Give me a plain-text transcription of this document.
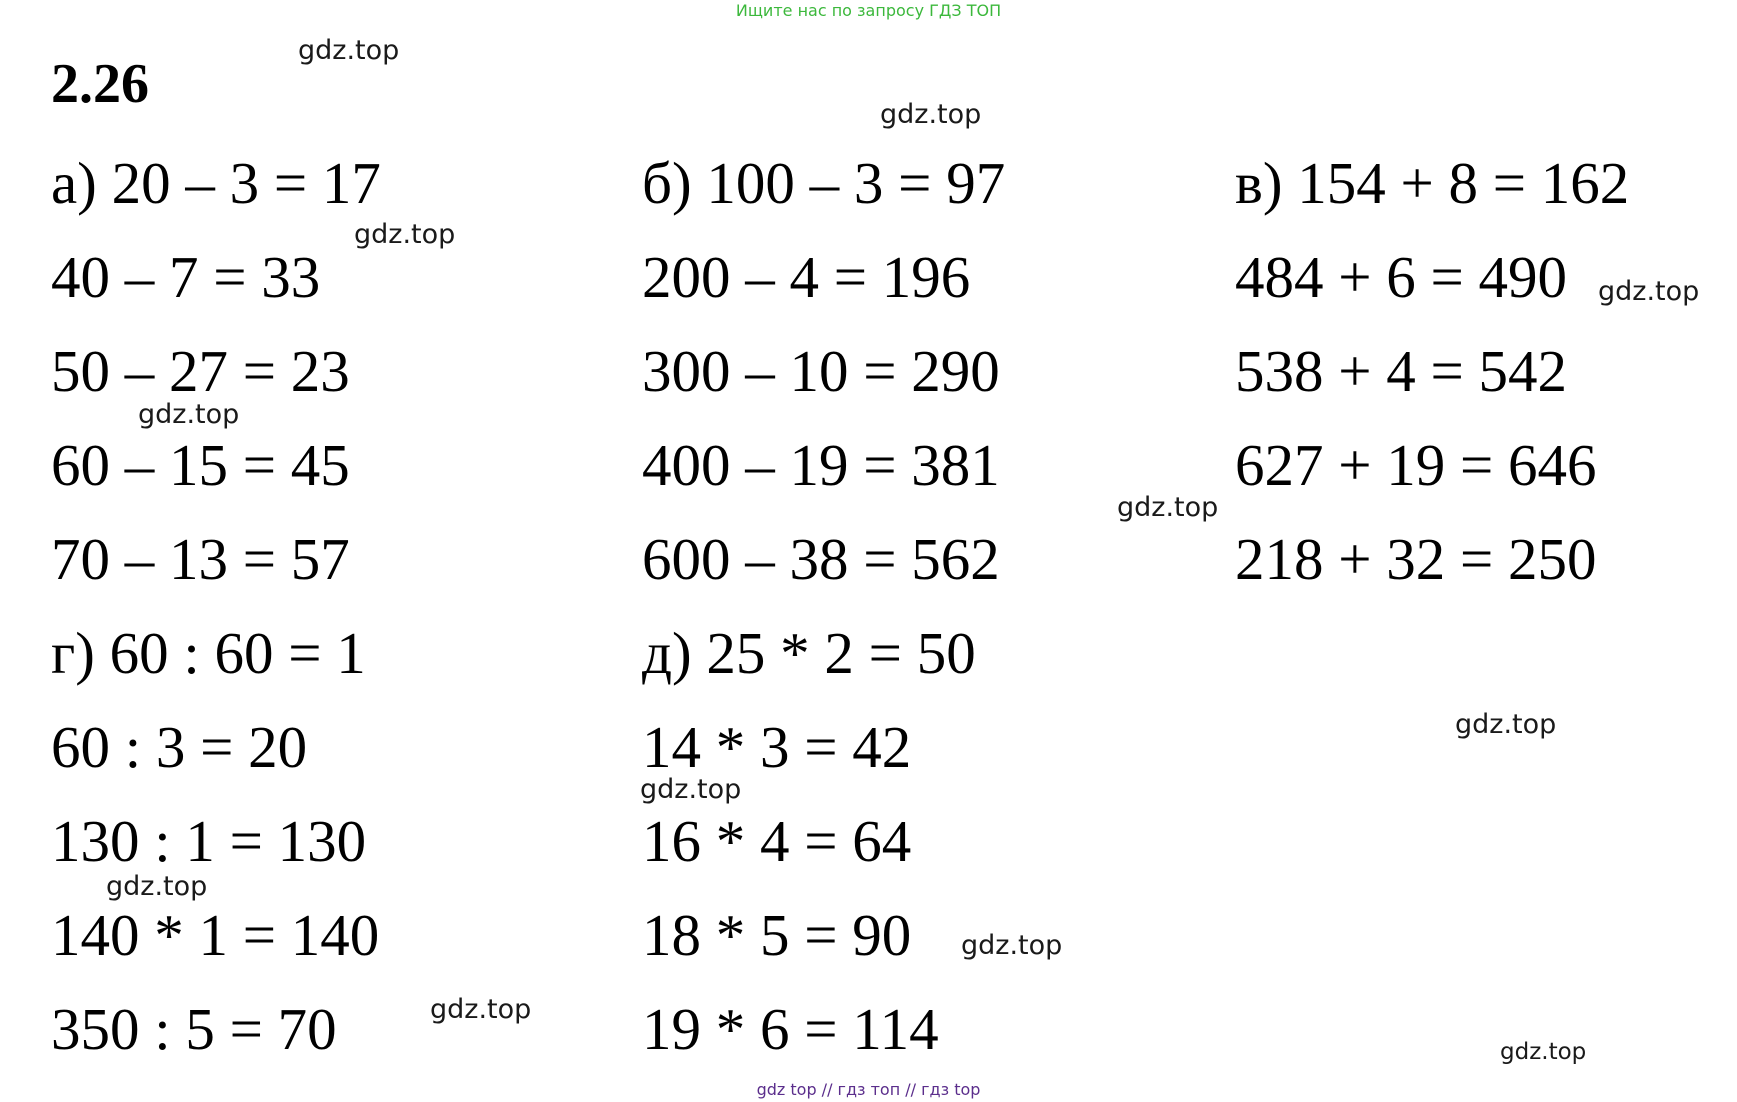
Ищите нас по запросу ГДЗ ТОП
2.26
а) 20 – 3 = 17
40 – 7 = 33
50 – 27 = 23
60 – 15 = 45
70 – 13 = 57
б) 100 – 3 = 97
200 – 4 = 196
300 – 10 = 290
400 – 19 = 381
600 – 38 = 562
в) 154 + 8 = 162
484 + 6 = 490
538 + 4 = 542
627 + 19 = 646
218 + 32 = 250
г) 60 : 60 = 1
60 : 3 = 20
130 : 1 = 130
140 * 1 = 140
350 : 5 = 70
д) 25 * 2 = 50
14 * 3 = 42
16 * 4 = 64
18 * 5 = 90
19 * 6 = 114
gdz.top
gdz.top
gdz.top
gdz.top
gdz.top
gdz.top
gdz.top
gdz.top
gdz.top
gdz.top
gdz.top
gdz.top
gdz top // гдз топ // гдз top
